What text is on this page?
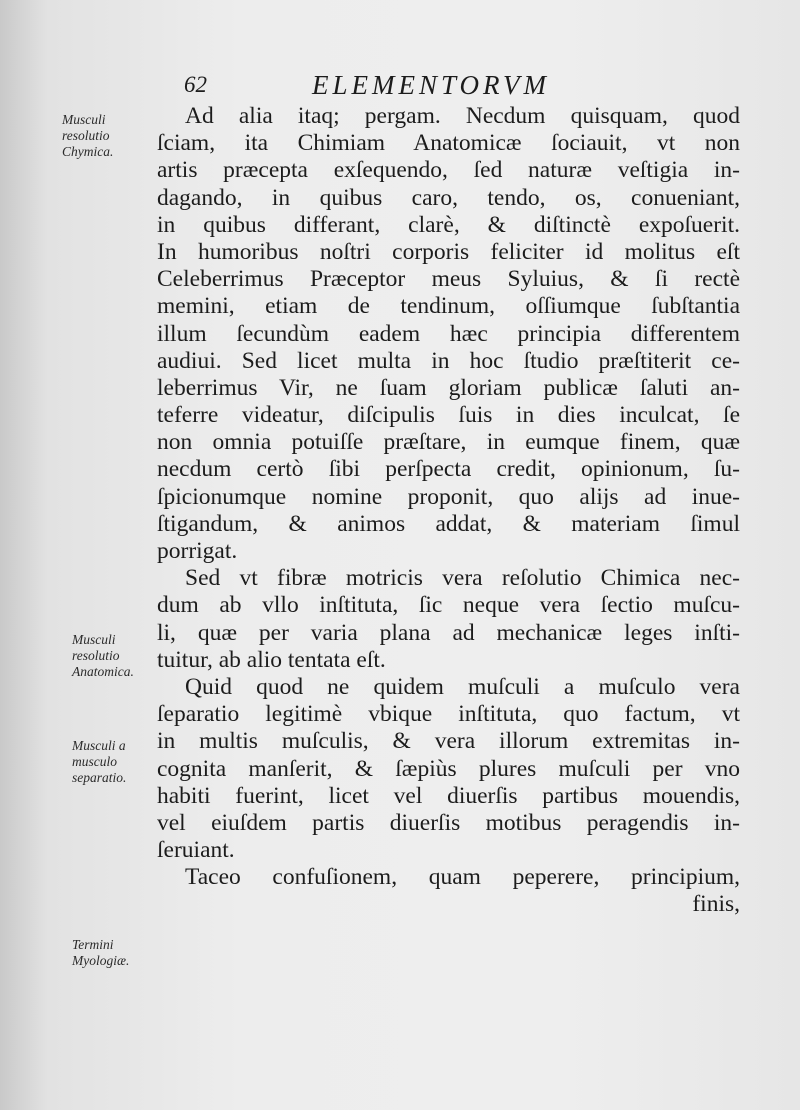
62	ELEMENTORVM
Musculi resolutio Chymica.
Musculi resolutio Anatomica.
Musculi a musculo separatio.
Termini Myologiæ.
Ad alia itaq; pergam. Necdum quisquam, quod
ſciam, ita Chimiam Anatomicæ ſociauit, vt non
artis præcepta exſequendo, ſed naturæ veſtigia in-
dagando, in quibus caro, tendo, os, conueniant,
in quibus differant, clarè, & diſtinctè expoſuerit.
In humoribus noſtri corporis feliciter id molitus eſt
Celeberrimus Præceptor meus Syluius, & ſi rectè
memini, etiam de tendinum, oſſiumque ſubſtantia
illum ſecundùm eadem hæc principia differentem
audiui. Sed licet multa in hoc ſtudio præſtiterit ce-
leberrimus Vir, ne ſuam gloriam publicæ ſaluti an-
teferre videatur, diſcipulis ſuis in dies inculcat, ſe
non omnia potuiſſe præſtare, in eumque finem, quæ
necdum certò ſibi perſpecta credit, opinionum, ſu-
ſpicionumque nomine proponit, quo alijs ad inue-
ſtigandum, & animos addat, & materiam ſimul
porrigat.
Sed vt fibræ motricis vera reſolutio Chimica nec-
dum ab vllo inſtituta, ſic neque vera ſectio muſcu-
li, quæ per varia plana ad mechanicæ leges inſti-
tuitur, ab alio tentata eſt.
Quid quod ne quidem muſculi a muſculo vera
ſeparatio legitimè vbique inſtituta, quo factum, vt
in multis muſculis, & vera illorum extremitas in-
cognita manſerit, & ſæpiùs plures muſculi per vno
habiti fuerint, licet vel diuerſis partibus mouendis,
vel eiuſdem partis diuerſis motibus peragendis in-
ſeruiant.
Taceo confuſionem, quam peperere, principium,
finis,
